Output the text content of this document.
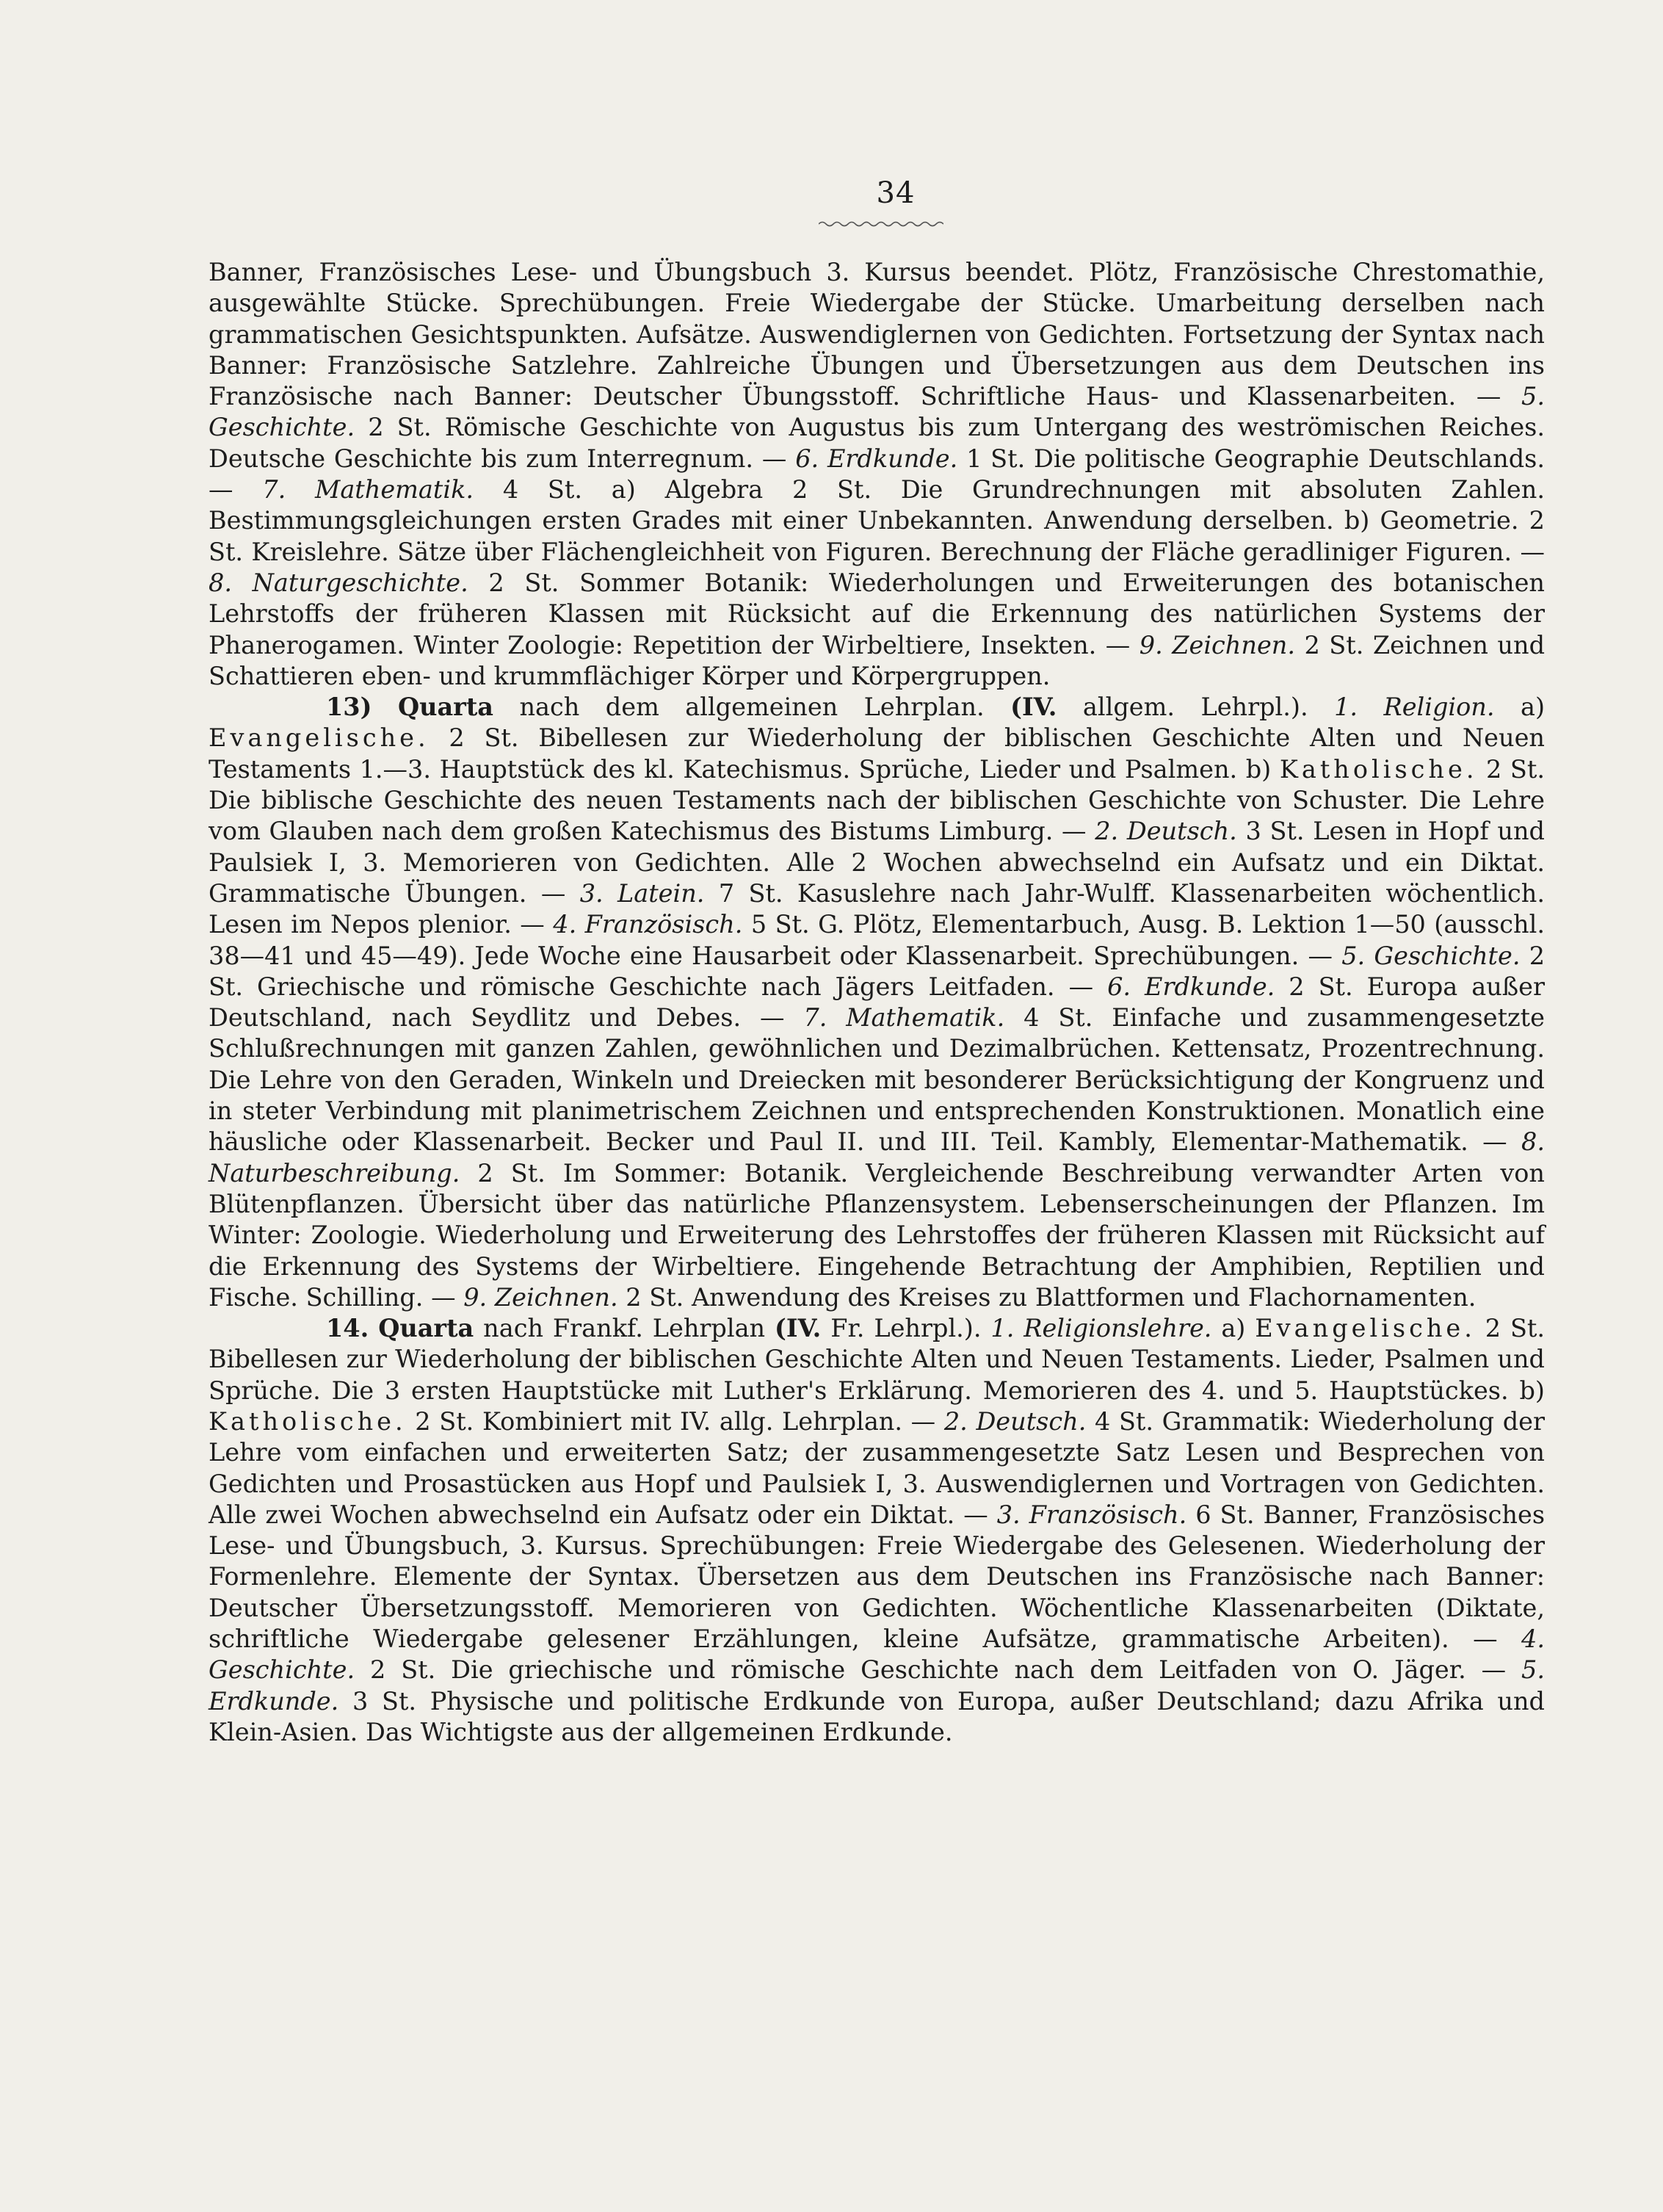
34

Banner, Französisches Lese- und Übungsbuch 3. Kursus beendet. Plötz, Französische Chrestomathie, ausgewählte Stücke. Sprechübungen. Freie Wiedergabe der Stücke. Umarbeitung derselben nach grammatischen Gesichtspunkten. Aufsätze. Auswendiglernen von Gedichten. Fortsetzung der Syntax nach Banner: Französische Satzlehre. Zahlreiche Übungen und Übersetzungen aus dem Deutschen ins Französische nach Banner: Deutscher Übungsstoff. Schriftliche Haus- und Klassenarbeiten. — 5. Geschichte. 2 St. Römische Geschichte von Augustus bis zum Untergang des weströmischen Reiches. Deutsche Geschichte bis zum Interregnum. — 6. Erdkunde. 1 St. Die politische Geographie Deutschlands. — 7. Mathematik. 4 St. a) Algebra 2 St. Die Grundrechnungen mit absoluten Zahlen. Bestimmungsgleichungen ersten Grades mit einer Unbekannten. Anwendung derselben. b) Geometrie. 2 St. Kreislehre. Sätze über Flächengleichheit von Figuren. Berechnung der Fläche geradliniger Figuren. — 8. Naturgeschichte. 2 St. Sommer Botanik: Wiederholungen und Erweiterungen des botanischen Lehrstoffs der früheren Klassen mit Rücksicht auf die Erkennung des natürlichen Systems der Phanerogamen. Winter Zoologie: Repetition der Wirbeltiere, Insekten. — 9. Zeichnen. 2 St. Zeichnen und Schattieren eben- und krummflächiger Körper und Körpergruppen.

13) Quarta nach dem allgemeinen Lehrplan. (IV. allgem. Lehrpl.). 1. Religion. a) Evangelische. 2 St. Bibellesen zur Wiederholung der biblischen Geschichte Alten und Neuen Testaments 1.—3. Hauptstück des kl. Katechismus. Sprüche, Lieder und Psalmen. b) Katholische. 2 St. Die biblische Geschichte des neuen Testaments nach der biblischen Geschichte von Schuster. Die Lehre vom Glauben nach dem großen Katechismus des Bistums Limburg. — 2. Deutsch. 3 St. Lesen in Hopf und Paulsiek I, 3. Memorieren von Gedichten. Alle 2 Wochen abwechselnd ein Aufsatz und ein Diktat. Grammatische Übungen. — 3. Latein. 7 St. Kasuslehre nach Jahr-Wulff. Klassenarbeiten wöchentlich. Lesen im Nepos plenior. — 4. Französisch. 5 St. G. Plötz, Elementarbuch, Ausg. B. Lektion 1—50 (ausschl. 38—41 und 45—49). Jede Woche eine Hausarbeit oder Klassenarbeit. Sprechübungen. — 5. Geschichte. 2 St. Griechische und römische Geschichte nach Jägers Leitfaden. — 6. Erdkunde. 2 St. Europa außer Deutschland, nach Seydlitz und Debes. — 7. Mathematik. 4 St. Einfache und zusammengesetzte Schlußrechnungen mit ganzen Zahlen, gewöhnlichen und Dezimalbrüchen. Kettensatz, Prozentrechnung. Die Lehre von den Geraden, Winkeln und Dreiecken mit besonderer Berücksichtigung der Kongruenz und in steter Verbindung mit planimetrischem Zeichnen und entsprechenden Konstruktionen. Monatlich eine häusliche oder Klassenarbeit. Becker und Paul II. und III. Teil. Kambly, Elementar-Mathematik. — 8. Naturbeschreibung. 2 St. Im Sommer: Botanik. Vergleichende Beschreibung verwandter Arten von Blütenpflanzen. Übersicht über das natürliche Pflanzensystem. Lebenserscheinungen der Pflanzen. Im Winter: Zoologie. Wiederholung und Erweiterung des Lehrstoffes der früheren Klassen mit Rücksicht auf die Erkennung des Systems der Wirbeltiere. Eingehende Betrachtung der Amphibien, Reptilien und Fische. Schilling. — 9. Zeichnen. 2 St. Anwendung des Kreises zu Blattformen und Flachornamenten.

14. Quarta nach Frankf. Lehrplan (IV. Fr. Lehrpl.). 1. Religionslehre. a) Evangelische. 2 St. Bibellesen zur Wiederholung der biblischen Geschichte Alten und Neuen Testaments. Lieder, Psalmen und Sprüche. Die 3 ersten Hauptstücke mit Luther's Erklärung. Memorieren des 4. und 5. Hauptstückes. b) Katholische. 2 St. Kombiniert mit IV. allg. Lehrplan. — 2. Deutsch. 4 St. Grammatik: Wiederholung der Lehre vom einfachen und erweiterten Satz; der zusammengesetzte Satz Lesen und Besprechen von Gedichten und Prosastücken aus Hopf und Paulsiek I, 3. Auswendiglernen und Vortragen von Gedichten. Alle zwei Wochen abwechselnd ein Aufsatz oder ein Diktat. — 3. Französisch. 6 St. Banner, Französisches Lese- und Übungsbuch, 3. Kursus. Sprechübungen: Freie Wiedergabe des Gelesenen. Wiederholung der Formenlehre. Elemente der Syntax. Übersetzen aus dem Deutschen ins Französische nach Banner: Deutscher Übersetzungsstoff. Memorieren von Gedichten. Wöchentliche Klassenarbeiten (Diktate, schriftliche Wiedergabe gelesener Erzählungen, kleine Aufsätze, grammatische Arbeiten). — 4. Geschichte. 2 St. Die griechische und römische Geschichte nach dem Leitfaden von O. Jäger. — 5. Erdkunde. 3 St. Physische und politische Erdkunde von Europa, außer Deutschland; dazu Afrika und Klein-Asien. Das Wichtigste aus der allgemeinen Erdkunde.
